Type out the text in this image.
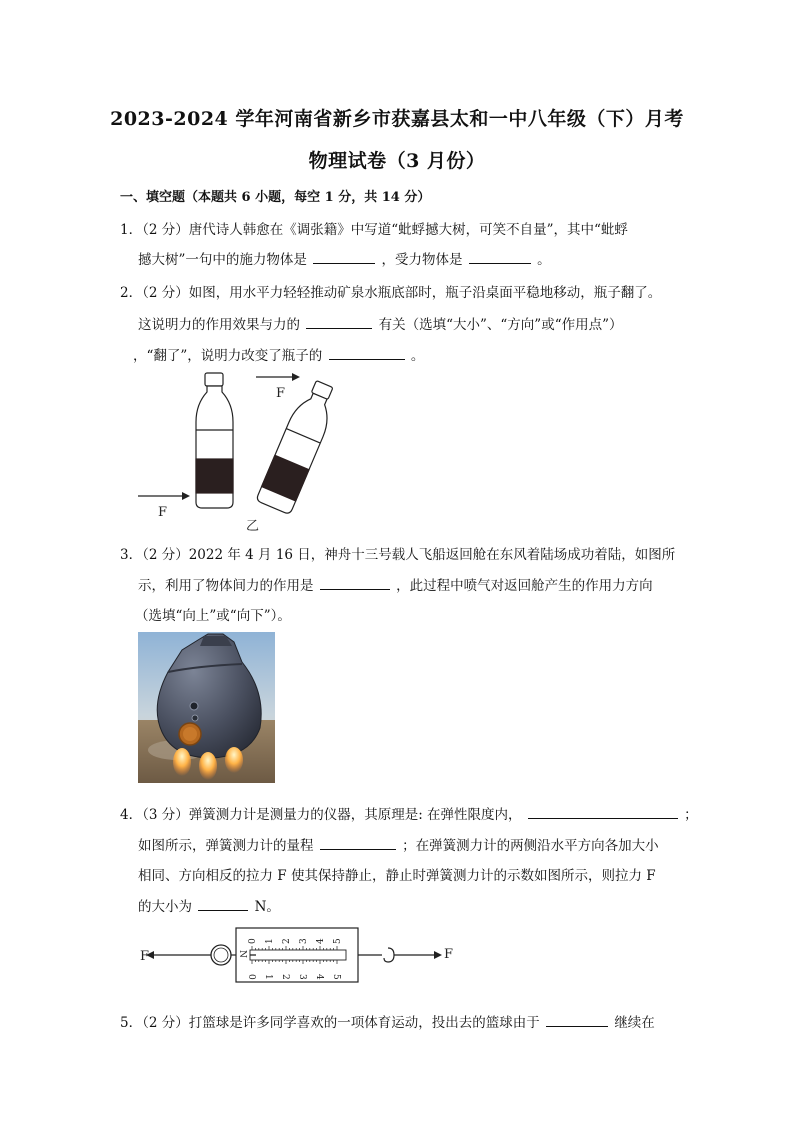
2023-2024 学年河南省新乡市获嘉县太和一中八年级（下）月考
物理试卷（3 月份）
一、填空题（本题共 6 小题，每空 1 分，共 14 分）
1．（2 分）唐代诗人韩愈在《调张籍》中写道“蚍蜉撼大树，可笑不自量”，其中“蚍蜉
撼大树”一句中的施力物体是	，受力物体是	。
2．（2 分）如图，用水平力轻轻推动矿泉水瓶底部时，瓶子沿桌面平稳地移动，瓶子翻了。
这说明力的作用效果与力的	有关（选填“大小”、“方向”或“作用点”）
，“翻了”，说明力改变了瓶子的	。
F
F
乙
3．（2 分）2022 年 4 月 16 日，神舟十三号载人飞船返回舱在东风着陆场成功着陆，如图所
示，利用了物体间力的作用是	，此过程中喷气对返回舱产生的作用力方向
（选填“向上”或“向下”）。
4．（3 分）弹簧测力计是测量力的仪器，其原理是: 在弹性限度内，	；
如图所示，弹簧测力计的量程	；在弹簧测力计的两侧沿水平方向各加大小
相同、方向相反的拉力 F 使其保持静止，静止时弹簧测力计的示数如图所示，则拉力 F
的大小为	N。
F
0 1 2 3 4 5
0 1 2 3 4 5
N	F
5．（2 分）打篮球是许多同学喜欢的一项体育运动，投出去的篮球由于	继续在
